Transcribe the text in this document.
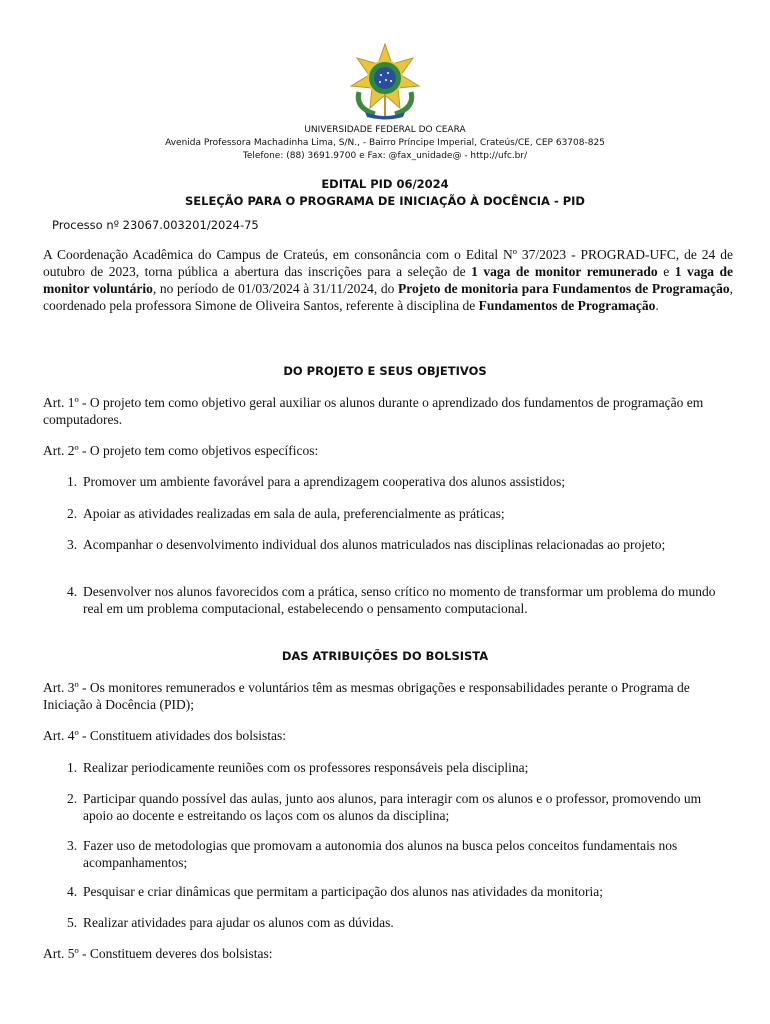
UNIVERSIDADE FEDERAL DO CEARA
Avenida Professora Machadinha Lima, S/N., - Bairro Príncipe Imperial, Crateús/CE, CEP 63708-825
Telefone: (88) 3691.9700 e Fax: @fax_unidade@ - http://ufc.br/
EDITAL PID 06/2024
SELEÇÃO PARA O PROGRAMA DE INICIAÇÃO À DOCÊNCIA - PID
Processo nº 23067.003201/2024-75
A Coordenação Acadêmica do Campus de Crateús, em consonância com o Edital Nº 37/2023 - PROGRAD-UFC, de 24 de outubro de 2023, torna pública a abertura das inscrições para a seleção de 1 vaga de monitor remunerado e 1 vaga de monitor voluntário, no período de 01/03/2024 à 31/11/2024, do Projeto de monitoria para Fundamentos de Programação, coordenado pela professora Simone de Oliveira Santos, referente à disciplina de Fundamentos de Programação.
DO PROJETO E SEUS OBJETIVOS
Art. 1º - O projeto tem como objetivo geral auxiliar os alunos durante o aprendizado dos fundamentos de programação em computadores.
Art. 2º - O projeto tem como objetivos específicos:
1. Promover um ambiente favorável para a aprendizagem cooperativa dos alunos assistidos;
2. Apoiar as atividades realizadas em sala de aula, preferencialmente as práticas;
3. Acompanhar o desenvolvimento individual dos alunos matriculados nas disciplinas relacionadas ao projeto;
4. Desenvolver nos alunos favorecidos com a prática, senso crítico no momento de transformar um problema do mundo real em um problema computacional, estabelecendo o pensamento computacional.
DAS ATRIBUIÇÕES DO BOLSISTA
Art. 3º - Os monitores remunerados e voluntários têm as mesmas obrigações e responsabilidades perante o Programa de Iniciação à Docência (PID);
Art. 4º - Constituem atividades dos bolsistas:
1. Realizar periodicamente reuniões com os professores responsáveis pela disciplina;
2. Participar quando possível das aulas, junto aos alunos, para interagir com os alunos e o professor, promovendo um apoio ao docente e estreitando os laços com os alunos da disciplina;
3. Fazer uso de metodologias que promovam a autonomia dos alunos na busca pelos conceitos fundamentais nos acompanhamentos;
4. Pesquisar e criar dinâmicas que permitam a participação dos alunos nas atividades da monitoria;
5. Realizar atividades para ajudar os alunos com as dúvidas.
Art. 5º - Constituem deveres dos bolsistas:
